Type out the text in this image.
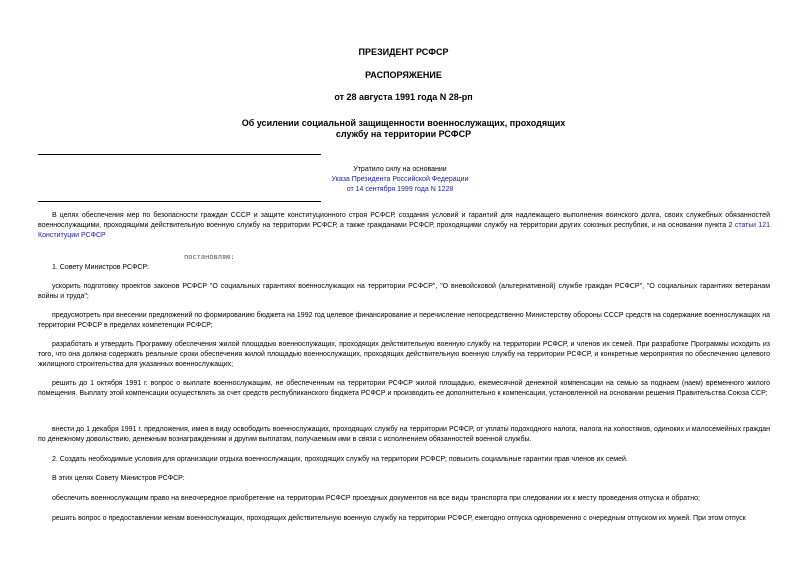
ПРЕЗИДЕНТ РСФСР
РАСПОРЯЖЕНИЕ
от 28 августа 1991 года N 28-рп
Об усилении социальной защищенности военнослужащих, проходящих
службу на территории РСФСР
Утратило силу на основании
Указа Президента Российской Федерации
от 14 сентября 1999 года N 1228
В целях обеспечения мер по безопасности граждан СССР и защите конституционного строя РСФСР, создания условий и гарантий для надлежащего выполнения воинского долга, своих служебных обязанностей военнослужащими, проходящими действительную военную службу на территории РСФСР, а также гражданами РСФСР, проходящими службу на территории других союзных республик, и на основании пункта 2 статьи 121 Конституции РСФСР
постановляю:
1. Совету Министров РСФСР:
ускорить подготовку проектов законов РСФСР "О социальных гарантиях военнослужащих на территории РСФСР", "О вневойсковой (альтернативной) службе граждан РСФСР", "О социальных гарантиях ветеранам войны и труда";
предусмотреть при внесении предложений по формированию бюджета на 1992 год целевое финансирование и перечисление непосредственно Министерству обороны СССР средств на содержание военнослужащих на территории РСФСР в пределах компетенции РСФСР;
разработать и утвердить Программу обеспечения жилой площадью военнослужащих, проходящих действительную военную службу на территории РСФСР, и членов их семей. При разработке Программы исходить из того, что она должна содержать реальные сроки обеспечения жилой площадью военнослужащих, проходящих действительную военную службу на территории РСФСР, и конкретные мероприятия по обеспечению целевого жилищного строительства для указанных военнослужащих;
решить до 1 октября 1991 г. вопрос о выплате военнослужащим, не обеспеченным на территории РСФСР жилой площадью, ежемесячной денежной компенсации на семью за поднаем (наем) временного жилого помещения. Выплату этой компенсации осуществлять за счет средств республиканского бюджета РСФСР и производить ее дополнительно к компенсации, установленной на основании решения Правительства Союза ССР;
внести до 1 декабря 1991 г. предложения, имея в виду освободить военнослужащих, проходящих службу на территории РСФСР, от уплаты подоходного налога, налога на холостяков, одиноких и малосемейных граждан по денежному довольствию, денежным вознаграждениям и другим выплатам, получаемым ими в связи с исполнением обязанностей военной службы.
2. Создать необходимые условия для организации отдыха военнослужащих, проходящих службу на территории РСФСР; повысить социальные гарантии прав членов их семей.
В этих целях Совету Министров РСФСР:
обеспечить военнослужащим право на внеочередное приобретение на территории РСФСР проездных документов на все виды транспорта при следовании их к месту проведения отпуска и обратно;
решить вопрос о предоставлении женам военнослужащих, проходящих действительную военную службу на территории РСФСР, ежегодно отпуска одновременно с очередным отпуском их мужей. При этом отпуск
